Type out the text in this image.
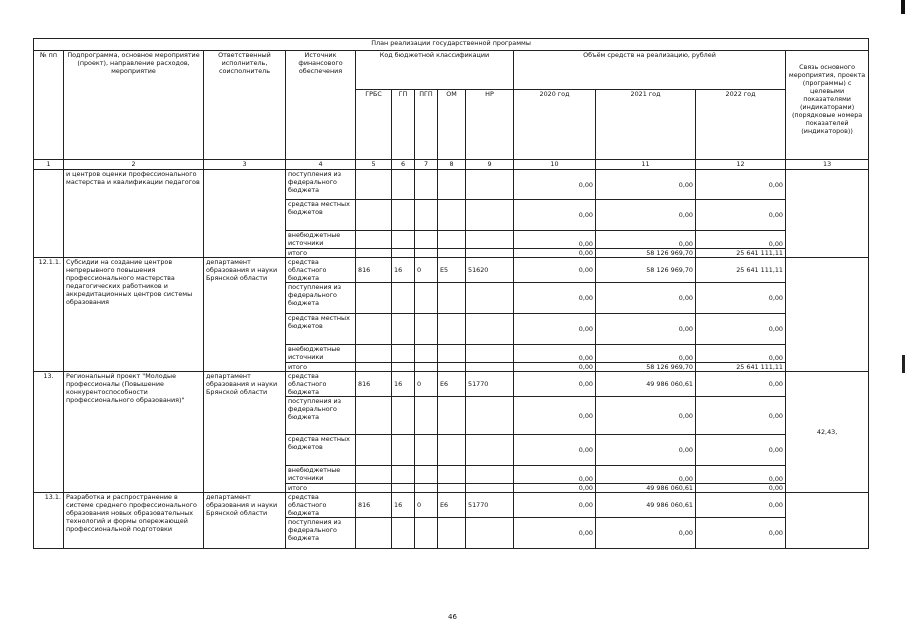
План реализации государственной программы												
№ пп	Подпрограмма, основное мероприятие (проект), направление расходов, мероприятие	Ответственный исполнитель, соисполнитель	Источник финансового обеспечения	Код бюджетной классификации					Объём средств на реализацию, рублей			Связь основного мероприятия, проекта (программы) с целевыми показателями (индикаторами) (порядковые номера показателей (индикаторов))
				ГРБС	ГП	ПГП	ОМ	НР	2020 год	2021 год	2022 год	
1	2	3	4	5	6	7	8	9	10	11	12	13
	и центров оценки профессионального мастерства и квалификации педагогов		поступления из федерального бюджета						0,00	0,00	0,00	
			средства местных бюджетов						0,00	0,00	0,00	
			внебюджетные источники						0,00	0,00	0,00	
			итого						0,00	58 126 969,70	25 641 111,11	
12.1.1.	Субсидии на создание центров непрерывного повышения профессионального мастерства педагогических работников и аккредитационных центров системы образования	департамент образования и науки Брянской области	средства областного бюджета	816	16	0	Е5	51620	0,00	58 126 969,70	25 641 111,11	
			поступления из федерального бюджета						0,00	0,00	0,00	
			средства местных бюджетов						0,00	0,00	0,00	
			внебюджетные источники						0,00	0,00	0,00	
			итого						0,00	58 126 969,70	25 641 111,11	
13.	Региональный проект "Молодые профессионалы (Повышение конкурентоспособности профессионального образования)"	департамент образования и науки Брянской области	средства областного бюджета	816	16	0	Е6	51770	0,00	49 986 060,61	0,00	42,43,
			поступления из федерального бюджета						0,00	0,00	0,00	
			средства местных бюджетов						0,00	0,00	0,00	
			внебюджетные источники						0,00	0,00	0,00	
			итого						0,00	49 986 060,61	0,00	
13.1.	Разработка и распространение в системе среднего профессионального образования новых образовательных технологий и формы опережающей профессиональной подготовки	департамент образования и науки Брянской области	средства областного бюджета	816	16	0	Е6	51770	0,00	49 986 060,61	0,00	
			поступления из федерального бюджета						0,00	0,00	0,00	
46
